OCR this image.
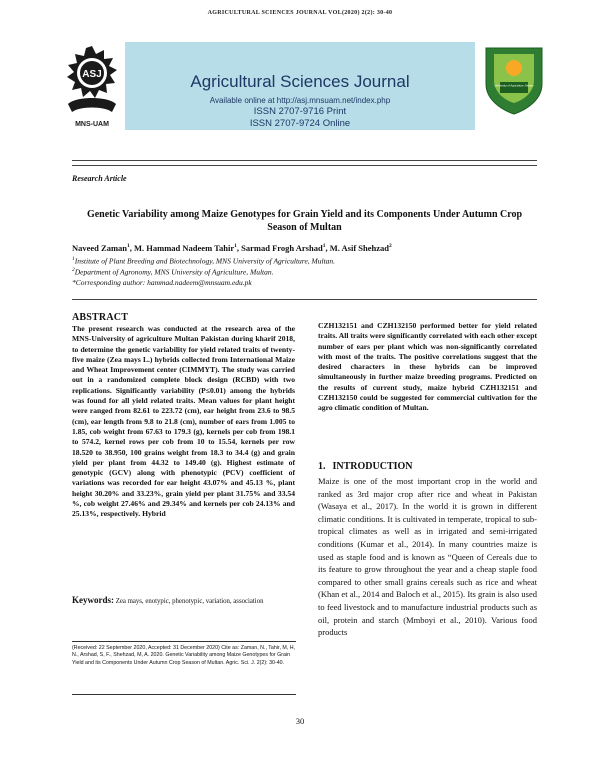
AGRICULTURAL SCIENCES JOURNAL VOL(2020) 2(2): 30-40
ASJ
MNS-UAM
Agricultural Sciences Journal
Available online at http://asj.mnsuam.net/index.php
ISSN 2707-9716 Print
ISSN 2707-9724 Online
University of Agriculture, Multan
Research Article
Genetic Variability among Maize Genotypes for Grain Yield and its Components Under Autumn Crop Season of Multan
Naveed Zaman$^1$, M. Hammad Nadeem Tahir$^1$, Sarmad Frogh Arshad$^1$, M. Asif Shehzad$^2$
$^1$Institute of Plant Breeding and Biotechnology, MNS University of Agriculture, Multan.
$^2$Department of Agronomy, MNS University of Agriculture, Multan.
*Corresponding author: hammad.nadeem@mnsuam.edu.pk
ABSTRACT
The present research was conducted at the research area of the MNS-University of agriculture Multan Pakistan during kharif 2018, to determine the genetic variability for yield related traits of twenty-five maize (Zea mays L.) hybrids collected from International Maize and Wheat Improvement center (CIMMYT). The study was carried out in a randomized complete block design (RCBD) with two replications. Significantly variability (P≤0.01) among the hybrids was found for all yield related traits. Mean values for plant height were ranged from 82.61 to 223.72 (cm), ear height from 23.6 to 98.5 (cm), ear length from 9.8 to 21.8 (cm), number of ears from 1.005 to 1.85, cob weight from 67.63 to 179.3 (g), kernels per cob from 198.1 to 574.2, kernel rows per cob from 10 to 15.54, kernels per row 18.520 to 38.950, 100 grains weight from 18.3 to 34.4 (g) and grain yield per plant from 44.32 to 149.40 (g). Highest estimate of genotypic (GCV) along with phenotypic (PCV) coefficient of variations was recorded for ear height 43.07% and 45.13 %, plant height 30.20% and 33.23%, grain yield per plant 31.75% and 33.54 %, cob weight 27.46% and 29.34% and kernels per cob 24.13% and 25.13%, respectively. Hybrid
Keywords: Zea mays, enotypic, phenotypic, variation, association
(Received: 22 September 2020, Accepted: 31 December 2020) Cite as: Zaman, N., Tahir, M, H, N., Arshad, S, F., Shehzad, M, A. 2020. Genetic Variability among Maize Genotypes for Grain Yield and its Components Under Autumn Crop Season of Multan. Agric. Sci. J. 2(2): 30-40.
CZH132151 and CZH132150 performed better for yield related traits. All traits were significantly correlated with each other except number of ears per plant which was non-significantly correlated with most of the traits. The positive correlations suggest that the desired characters in these hybrids can be improved simultaneously in further maize breeding programs. Predicted on the results of current study, maize hybrid CZH132151 and CZH132150 could be suggested for commercial cultivation for the agro climatic condition of Multan.
1. INTRODUCTION
Maize is one of the most important crop in the world and ranked as 3rd major crop after rice and wheat in Pakistan (Wasaya et al., 2017). In the world it is grown in different climatic conditions. It is cultivated in temperate, tropical to sub-tropical climates as well as in irrigated and semi-irrigated conditions (Kumar et al., 2014). In many countries maize is used as staple food and is known as “Queen of Cereals due to its feature to grow throughout the year and a cheap staple food compared to other small grains cereals such as rice and wheat (Khan et al., 2014 and Baloch et al., 2015). Its grain is also used to feed livestock and to manufacture industrial products such as oil, protein and starch (Mmboyi et al., 2010). Various food products
30
